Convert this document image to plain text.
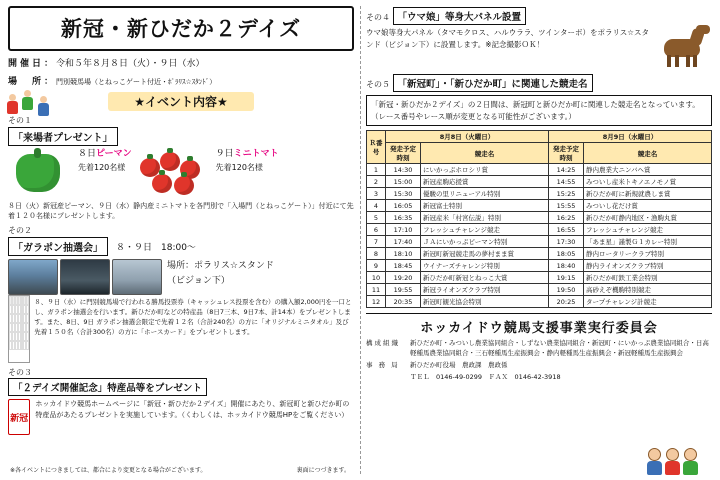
新冠・新ひだか２デイズ
開催日：令和５年８月８日（火）・９日（水）
場　所：門別競馬場（とねっこゲート付近・ﾎﾟﾗﾘｽ☆ｽﾀﾝﾄﾞ）
★イベント内容★
その１
「来場者プレゼント」
８日ピーマン
先着120名様
９日ミニトマト
先着120名様
８日（火）新冠産ピーマン、９日（水）静内産ミニトマトを各門別で「入場門（とねっこゲート）」付近にて先着１２０名様にプレゼントします。
その２
「ガラポン抽選会」	８・９日　18:00～
場所：ポラリス☆スタンド
（ビジョン下）
８、９日（水）に門別競馬場で行われる勝馬投票券（キャッシュレス投票を含む）の購入額2,000円を一口とし、ガラポン抽選会を行います。新ひだか町などの特産品（8日7三本、9日7本、計14本）をプレゼントします。また、8日、9日 ガラポン抽選会限定で先着１２名（合計240名）の方に「オリジナルミニタオル」及び先着１５０名（合計300名）の方に「ホースカード」をプレゼントします。
その３
「２デイズ開催記念」特産品等をプレゼント
新冠
ホッカイドウ競馬ホームページに「新冠・新ひだか２デイズ」開催にあたり、新冠町と新ひだか町の特産品があたるプレゼントを実施しています。（くわしくは、ホッカイドウ競馬HPをご覧ください）
※各イベントにつきましては、都合により変更となる場合がございます。	裏面につづきます。
その４ 「ウマ娘」等身大パネル設置
ウマ娘等身大パネル（タマモクロス、ハルウララ、ツインターボ）をポラリス☆スタンド（ビジョン下）に設置します。※記念撮影ＯＫ！
その５ 「新冠町」・「新ひだか町」に関連した競走名
「新冠・新ひだか２デイズ」の２日間は、新冠町と新ひだか町に関連した競走名となっています。（レース番号やレース順が変更となる可能性がございます。）
Ｒ番号	8月8日（火曜日）		8月9日（水曜日）	
	発走予定時刻	競走名	発走予定時刻	競走名
1	14:30	にいかっぷホロシリ賞	14:25	静内農業大ニンバヘ賞
2	15:00	新冠産駒応援賞	14:55	みついし産米トキノエノモノ賞
3	15:30	優駿の里リニューアル特別	15:25	新ひだか町に新規就農しま賞
4	16:05	新冠富士特別	15:55	みついし花だけ賞
5	16:35	新冠産米「村宮伝説」特別	16:25	新ひだか町静内地区・漁駒丸賞
6	17:10	フレッシュチャレンジ競走	16:55	フレッシュチャレンジ競走
7	17:40	ＪＡにいかっぷピーマン特別	17:30	「あま星」謹製Ｇ１カレー特別
8	18:10	新冠町新冠競走馬の夢村まま賞	18:05	静内ロータリークラブ特別
9	18:45	ウイナーズチャレンジ特別	18:40	静内ライオンズクラブ特別
10	19:20	新ひだか町新冠とねっこ大賞	19:15	新ひだか町鉄工業会特別
11	19:55	新冠ライオンズクラブ特別	19:50	高砂えぞ機駒特別競走
12	20:35	新冠町観光協会特別	20:25	タープチャレンジ計競走
ホッカイドウ競馬支援事業実行委員会
構成組織	新ひだか町・みついし農業協同組合・しずない農業協同組合・新冠町・にいかっぷ農業協同組合・日高軽種馬農業協同組合・三石軽種馬生産振興会・静内軽種馬生産振興会・新冠軽種馬生産振興会
事 務 局	新ひだか町役場　農政課　農政係
ＴＥＬ　0146-49-0299　ＦＡＸ　0146-42-3918
